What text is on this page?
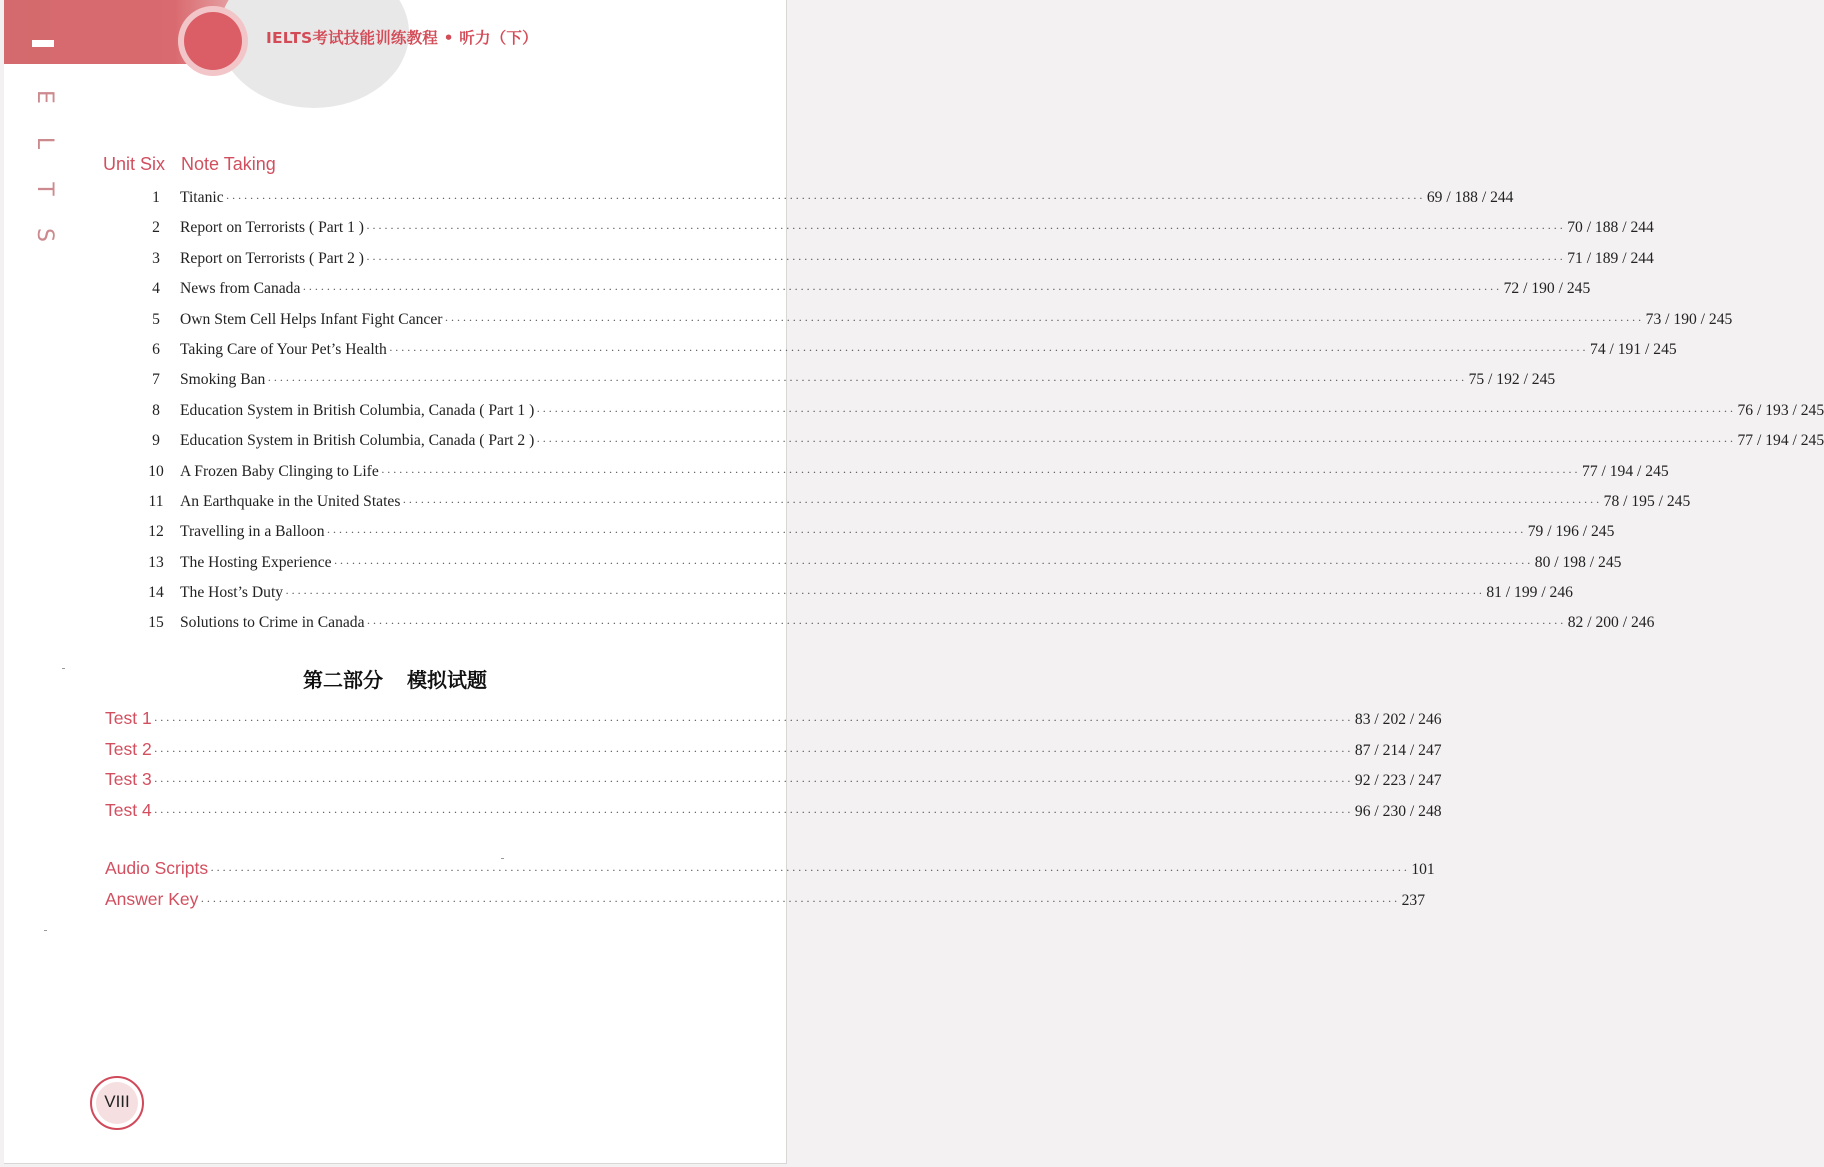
IELTS考试技能训练教程 • 听力（下）
E
L
T
S
Unit Six Note Taking
1	Titanic ········································································································································································································ 69 / 188 / 244
2	Report on Terrorists ( Part 1 ) ········································································································································································································ 70 / 188 / 244
3	Report on Terrorists ( Part 2 ) ········································································································································································································ 71 / 189 / 244
4	News from Canada ········································································································································································································ 72 / 190 / 245
5	Own Stem Cell Helps Infant Fight Cancer ········································································································································································································ 73 / 190 / 245
6	Taking Care of Your Pet’s Health ········································································································································································································ 74 / 191 / 245
7	Smoking Ban ········································································································································································································ 75 / 192 / 245
8	Education System in British Columbia, Canada ( Part 1 ) ········································································································································································································ 76 / 193 / 245
9	Education System in British Columbia, Canada ( Part 2 ) ········································································································································································································ 77 / 194 / 245
10	A Frozen Baby Clinging to Life ········································································································································································································ 77 / 194 / 245
11	An Earthquake in the United States ········································································································································································································ 78 / 195 / 245
12	Travelling in a Balloon ········································································································································································································ 79 / 196 / 245
13	The Hosting Experience ········································································································································································································ 80 / 198 / 245
14	The Host’s Duty ········································································································································································································ 81 / 199 / 246
15	Solutions to Crime in Canada ········································································································································································································ 82 / 200 / 246
第二部分 模拟试题
Test 1 ········································································································································································································ 83 / 202 / 246
Test 2 ········································································································································································································ 87 / 214 / 247
Test 3 ········································································································································································································ 92 / 223 / 247
Test 4 ········································································································································································································ 96 / 230 / 248
Audio Scripts ········································································································································································································ 101
Answer Key ········································································································································································································ 237
VIII
